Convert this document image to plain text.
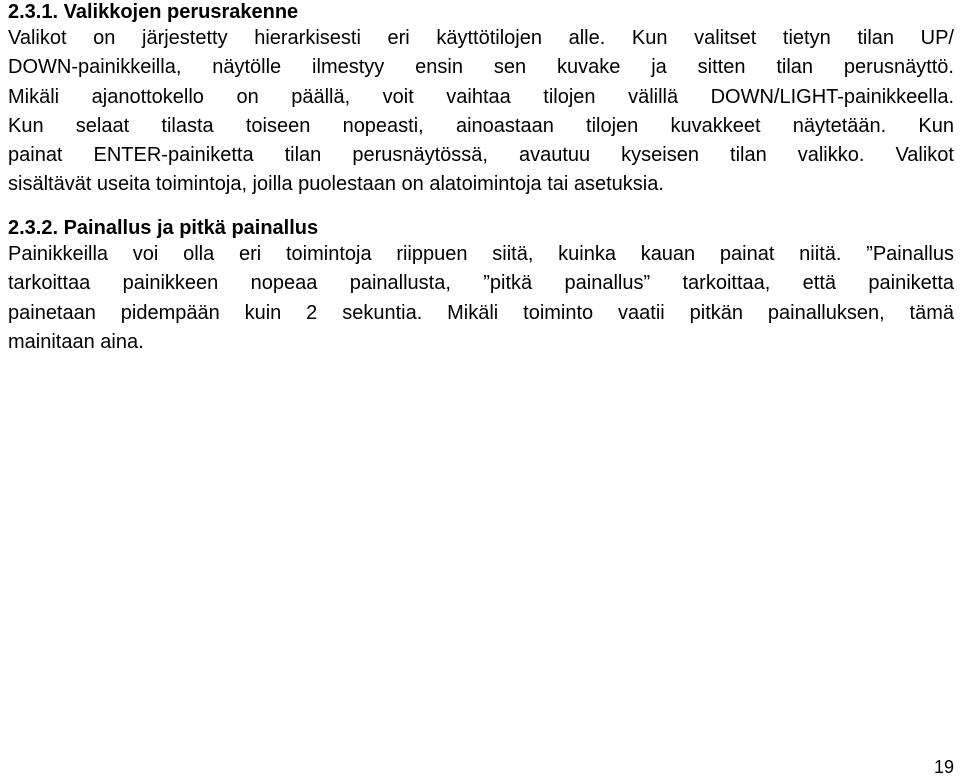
2.3.1. Valikkojen perusrakenne
Valikot on järjestetty hierarkisesti eri käyttötilojen alle. Kun valitset tietyn tilan UP/
DOWN-painikkeilla, näytölle ilmestyy ensin sen kuvake ja sitten tilan perusnäyttö.
Mikäli ajanottokello on päällä, voit vaihtaa tilojen välillä DOWN/LIGHT-painikkeella.
Kun selaat tilasta toiseen nopeasti, ainoastaan tilojen kuvakkeet näytetään. Kun
painat ENTER-painiketta tilan perusnäytössä, avautuu kyseisen tilan valikko. Valikot
sisältävät useita toimintoja, joilla puolestaan on alatoimintoja tai asetuksia.
2.3.2. Painallus ja pitkä painallus
Painikkeilla voi olla eri toimintoja riippuen siitä, kuinka kauan painat niitä. ”Painallus
tarkoittaa painikkeen nopeaa painallusta, ”pitkä painallus” tarkoittaa, että painiketta
painetaan pidempään kuin 2 sekuntia. Mikäli toiminto vaatii pitkän painalluksen, tämä
mainitaan aina.
19
